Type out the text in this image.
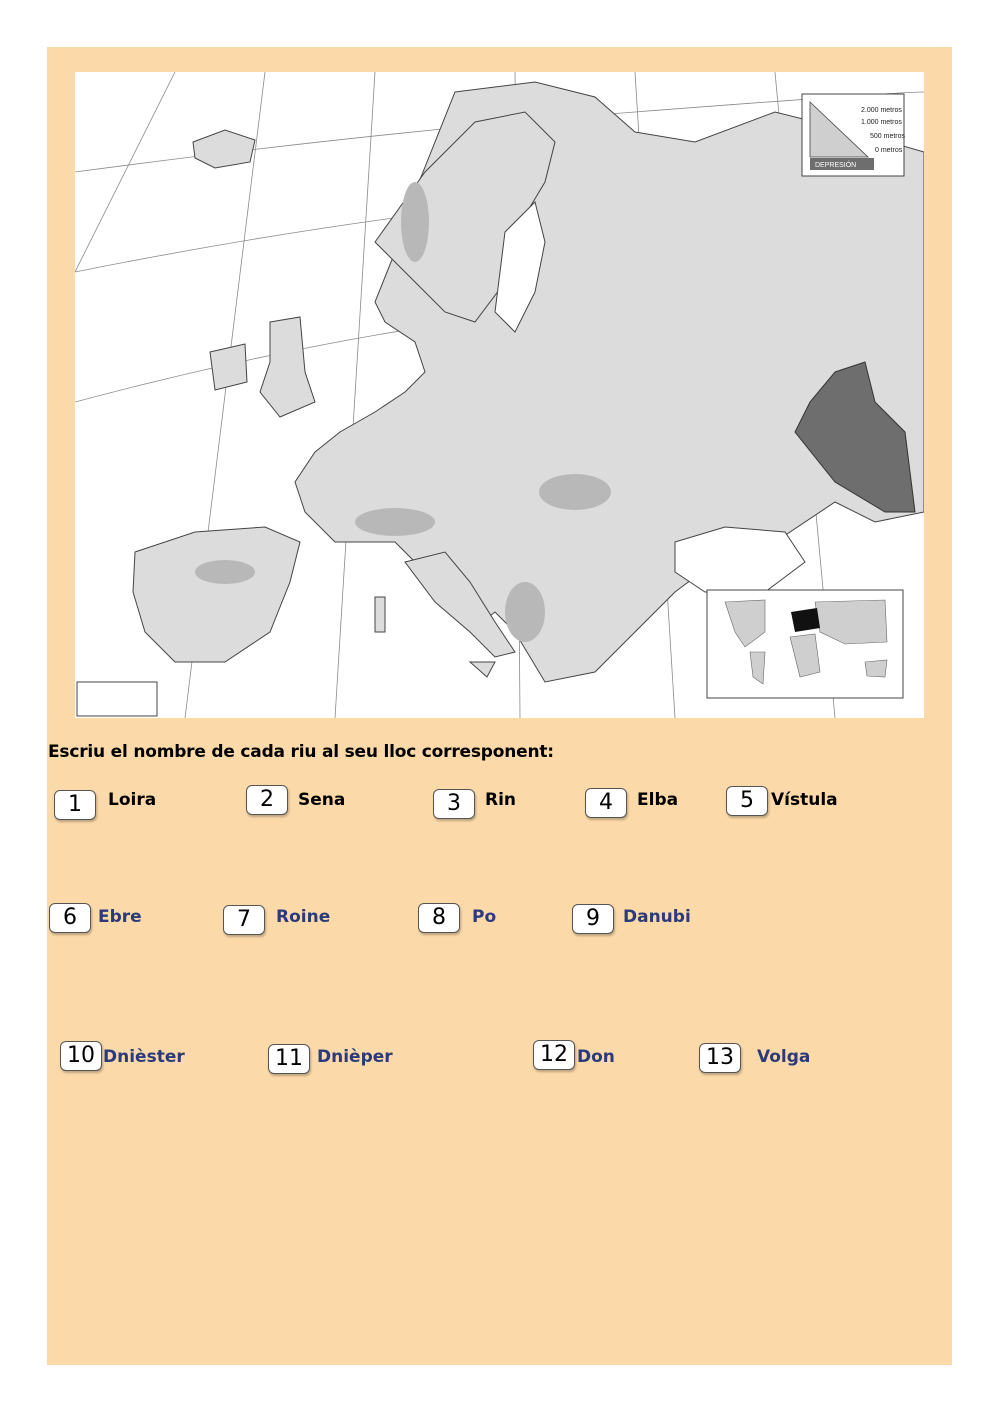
2.000 metros
1.000 metros
500 metros
0 metros
DEPRESIÓN
Escriu el nombre de cada riu al seu lloc corresponent:
1	Loira	2	Sena	3	Rin	4	Elba	5	Vístula
6	Ebre	7	Roine	8	Po	9	Danubi
10 Dnièster	11 Dnièper	12 Don	13	Volga
